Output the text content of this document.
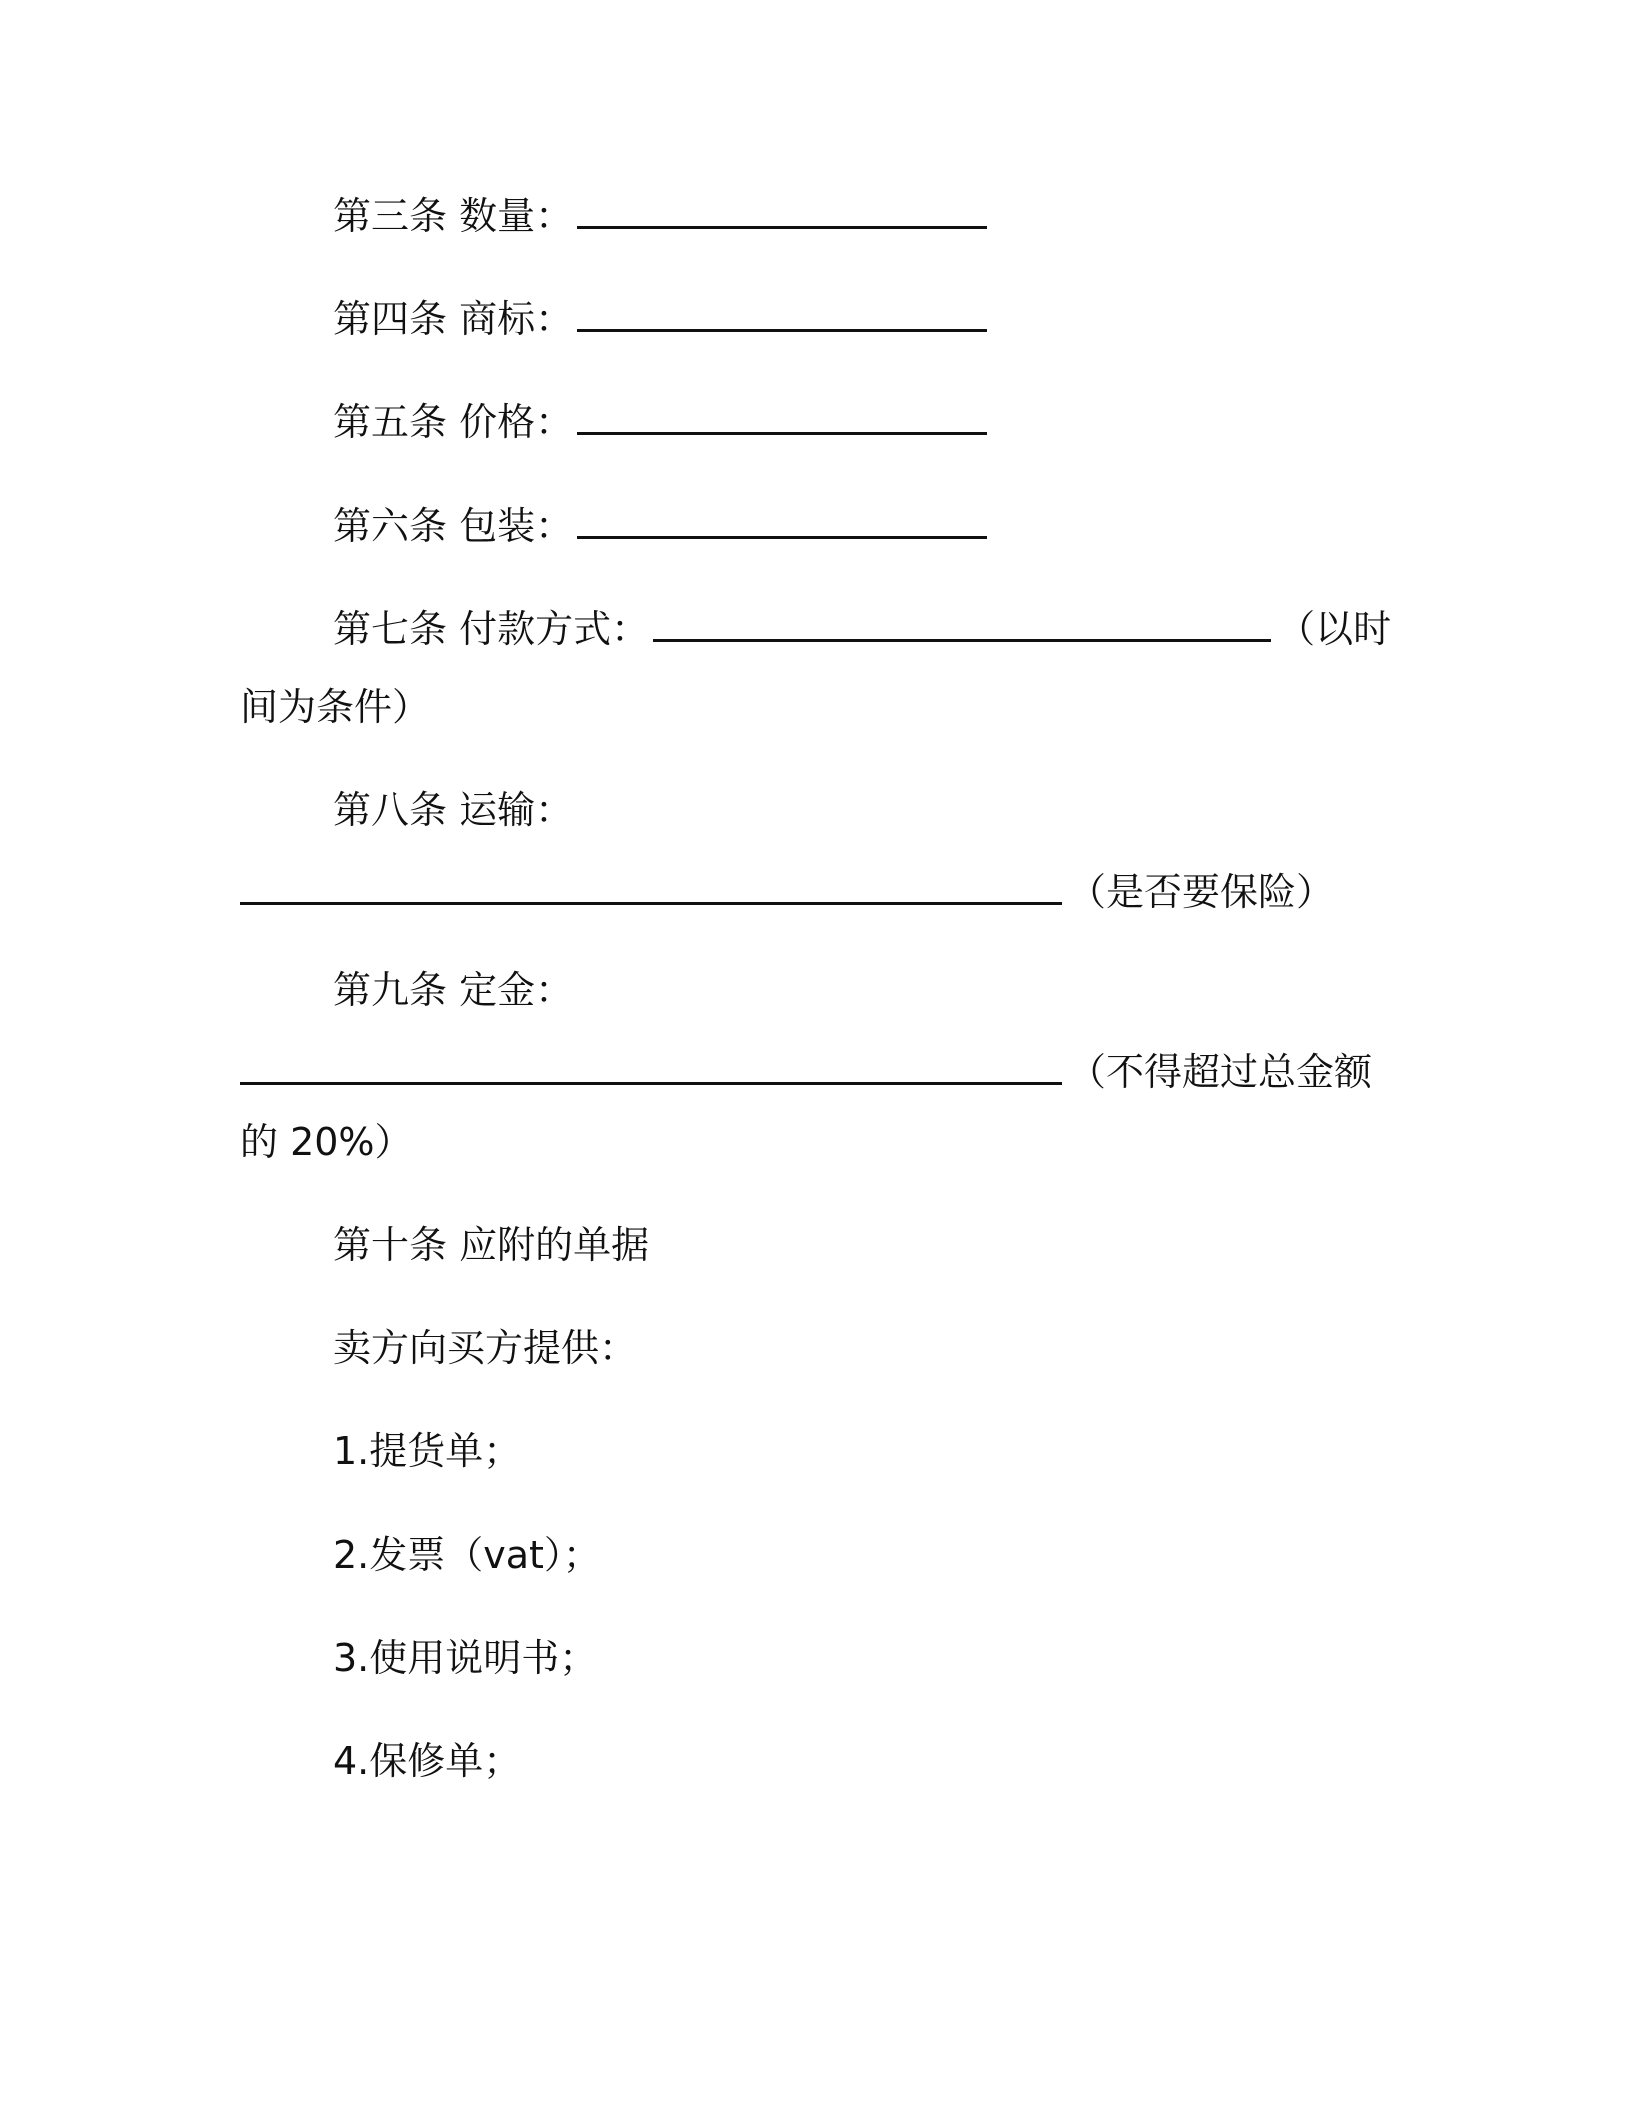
第三条 数量：
第四条 商标：
第五条 价格：
第六条 包装：
第七条 付款方式：	（以时
间为条件）
第八条 运输：
（是否要保险）
第九条 定金：
（不得超过总金额
的 20%）
第十条 应附的单据
卖方向买方提供：
1.提货单；
2.发票（vat）；
3.使用说明书；
4.保修单；
